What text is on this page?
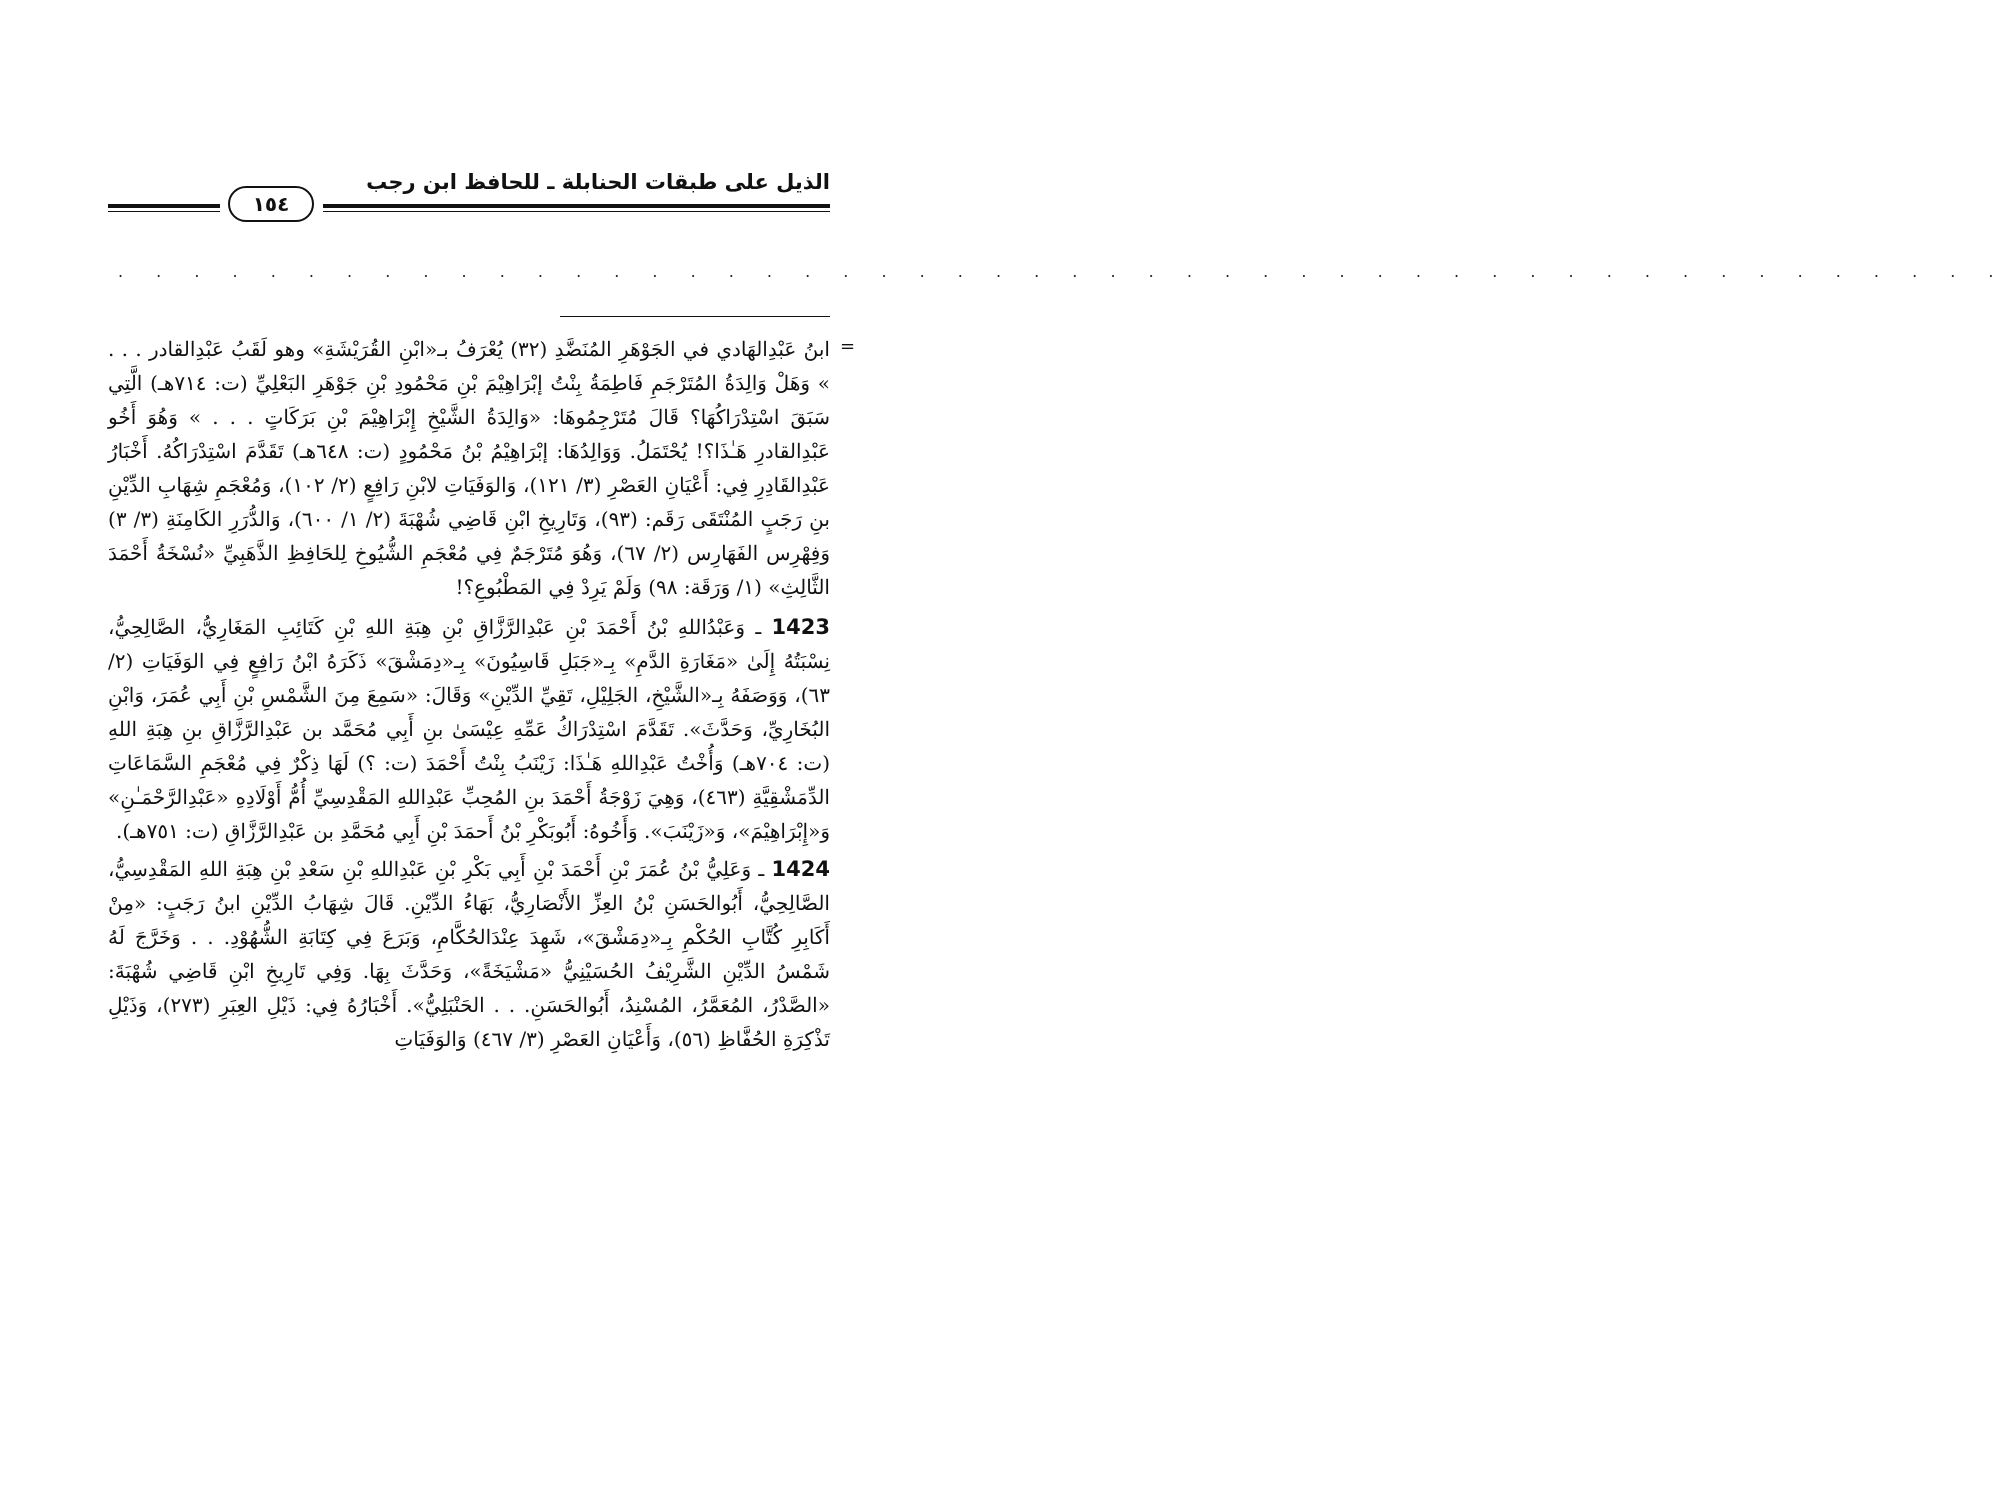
الذيل على طبقات الحنابلة ـ للحافظ ابن رجب
١٥٤
. . . . . . . . . . . . . . . . . . . . . . . . . . . . . . . . . . . . . . . . . . . . . . . . . .
=

ابنُ عَبْدِالهَادي في الجَوْهَرِ المُنَضَّدِ (٣٢) يُعْرَفُ بـ«ابْنِ القُرَيْشَةِ» وهو لَقَبُ عَبْدِالقادر . . . » وَهَلْ وَالِدَةُ المُتَرْجَمِ فَاطِمَةُ بِنْتُ إبْرَاهِيْمَ بْنِ مَحْمُودِ بْنِ جَوْهَرِ البَعْلِيِّ (ت: ٧١٤هـ) الَّتِي سَبَقَ اسْتِدْرَاكُهَا؟ قَالَ مُتَرْجِمُوهَا: «وَالِدَةُ الشَّيْخِ إِبْرَاهِيْمَ بْنِ بَرَكَاتٍ . . . » وَهُوَ أَخُو عَبْدِالقادرِ هَـٰذَا؟! يُحْتَمَلُ. وَوَالِدُهَا: إبْرَاهِيْمُ بْنُ مَحْمُودٍ (ت: ٦٤٨هـ) تَقَدَّمَ اسْتِدْرَاكُهُ. أَخْبَارُ عَبْدِالقَادِرِ فِي: أَعْيَانِ العَصْرِ (٣/ ١٢١)، وَالوَفَيَاتِ لابْنِ رَافِعٍ (٢/ ١٠٢)، وَمُعْجَمِ شِهَابِ الدِّيْنِ بنِ رَجَبٍ المُنْتَقَى رَقَم: (٩٣)، وَتَارِيخِ ابْنِ قَاضِي شُهْبَةَ (٢/ ١/ ٦٠٠)، وَالدُّرَرِ الكَامِنَةِ (٣/ ٣) وَفِهْرِس الفَهَارِس (٢/ ٦٧)، وَهُوَ مُتَرْجَمٌ فِي مُعْجَمِ الشُّيُوخِ لِلحَافِظِ الذَّهَبِيِّ «نُسْخَةُ أَحْمَدَ الثَّالِثِ» (١/ وَرَقَة: ٩٨) وَلَمْ يَرِدْ فِي المَطْبُوعِ؟!

1423 ـ وَعَبْدُاللهِ بْنُ أَحْمَدَ بْنِ عَبْدِالرَّزَّاقِ بْنِ هِبَةِ اللهِ بْنِ كَتَائِبِ المَغَارِيُّ، الصَّالِحِيُّ، نِسْبَتُهُ إِلَىٰ «مَغَارَةِ الدَّمِ» بِـ«جَبَلِ قَاسِيُونَ» بِـ«دِمَشْقَ» ذَكَرَهُ ابْنُ رَافِعٍ فِي الوَفَيَاتِ (٢/ ٦٣)، وَوَصَفَهُ بِـ«الشَّيْخِ، الجَلِيْلِ، تَقِيِّ الدِّيْنِ» وَقَالَ: «سَمِعَ مِنَ الشَّمْسِ بْنِ أَبِي عُمَرَ، وَابْنِ البُخَارِيِّ، وَحَدَّثَ». تَقَدَّمَ اسْتِدْرَاكُ عَمِّهِ عِيْسَىٰ بنِ أَبِي مُحَمَّد بن عَبْدِالرَّزَّاقِ بنِ هِبَةِ اللهِ (ت: ٧٠٤هـ) وَأُخْتُ عَبْدِاللهِ هَـٰذَا: زَيْنَبُ بِنْتُ أَحْمَدَ (ت: ؟) لَهَا ذِكْرٌ فِي مُعْجَمِ السَّمَاعَاتِ الدِّمَشْقِيَّةِ (٤٦٣)، وَهِيَ زَوْجَةُ أَحْمَدَ بنِ المُحِبِّ عَبْدِاللهِ المَقْدِسِيِّ أُمُّ أَوْلَادِهِ «عَبْدِالرَّحْمَـٰنِ» وَ«إِبْرَاهِيْمَ»، وَ«زَيْنَبَ». وَأَخُوهُ: أَبُوبَكْرِ بْنُ أَحمَدَ بْنِ أَبِي مُحَمَّدِ بن عَبْدِالرَّزَّاقِ (ت: ٧٥١هـ).

1424 ـ وَعَلِيُّ بْنُ عُمَرَ بْنِ أَحْمَدَ بْنِ أَبِي بَكْرِ بْنِ عَبْدِاللهِ بْنِ سَعْدِ بْنِ هِبَةِ اللهِ المَقْدِسِيُّ، الصَّالِحِيُّ، أَبُوالحَسَنِ بْنُ العِزِّ الأَنْصَارِيُّ، بَهَاءُ الدِّيْنِ. قَالَ شِهَابُ الدِّيْنِ ابنُ رَجَبٍ: «مِنْ أَكَابِرِ كُتَّابِ الحُكْمِ بِـ«دِمَشْقَ»، شَهِدَ عِنْدَالحُكَّامِ، وَبَرَعَ فِي كِتَابَةِ الشُّهُوْدِ. . . وَخَرَّجَ لَهُ شَمْسُ الدِّيْنِ الشَّرِيْفُ الحُسَيْنِيُّ «مَشْيَخَةً»، وَحَدَّثَ بِهَا. وَفِي تَارِيخِ ابْنِ قَاضِي شُهْبَةَ: «الصَّدْرُ، المُعَمَّرُ، المُسْنِدُ، أَبُوالحَسَنِ. . . الحَنْبَلِيُّ». أَخْبَارُهُ فِي: ذَيْلِ العِبَرِ (٢٧٣)، وَذَيْلِ تَذْكِرَةِ الحُفَّاظِ (٥٦)، وَأَعْيَانِ العَصْرِ (٣/ ٤٦٧) وَالوَفَيَاتِ
